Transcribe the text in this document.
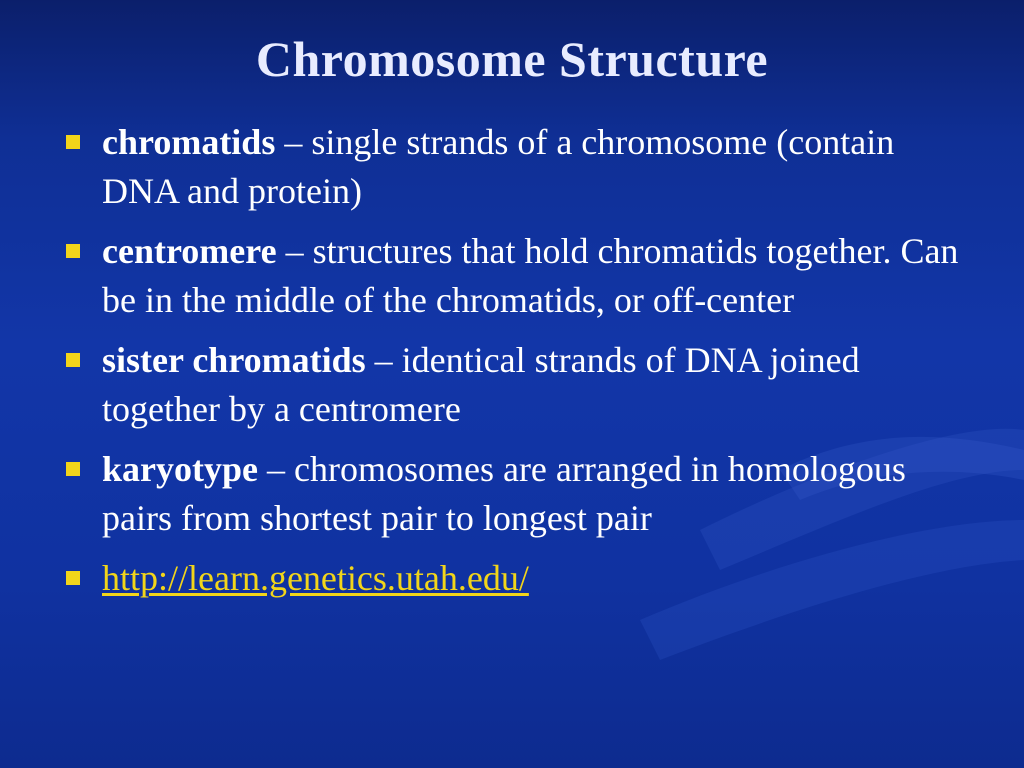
Chromosome Structure
chromatids – single strands of a chromosome (contain DNA and protein)
centromere – structures that hold chromatids together. Can be in the middle of the chromatids, or off-center
sister chromatids – identical strands of DNA joined together by a centromere
karyotype – chromosomes are arranged in homologous pairs from shortest pair to longest pair
http://learn.genetics.utah.edu/
